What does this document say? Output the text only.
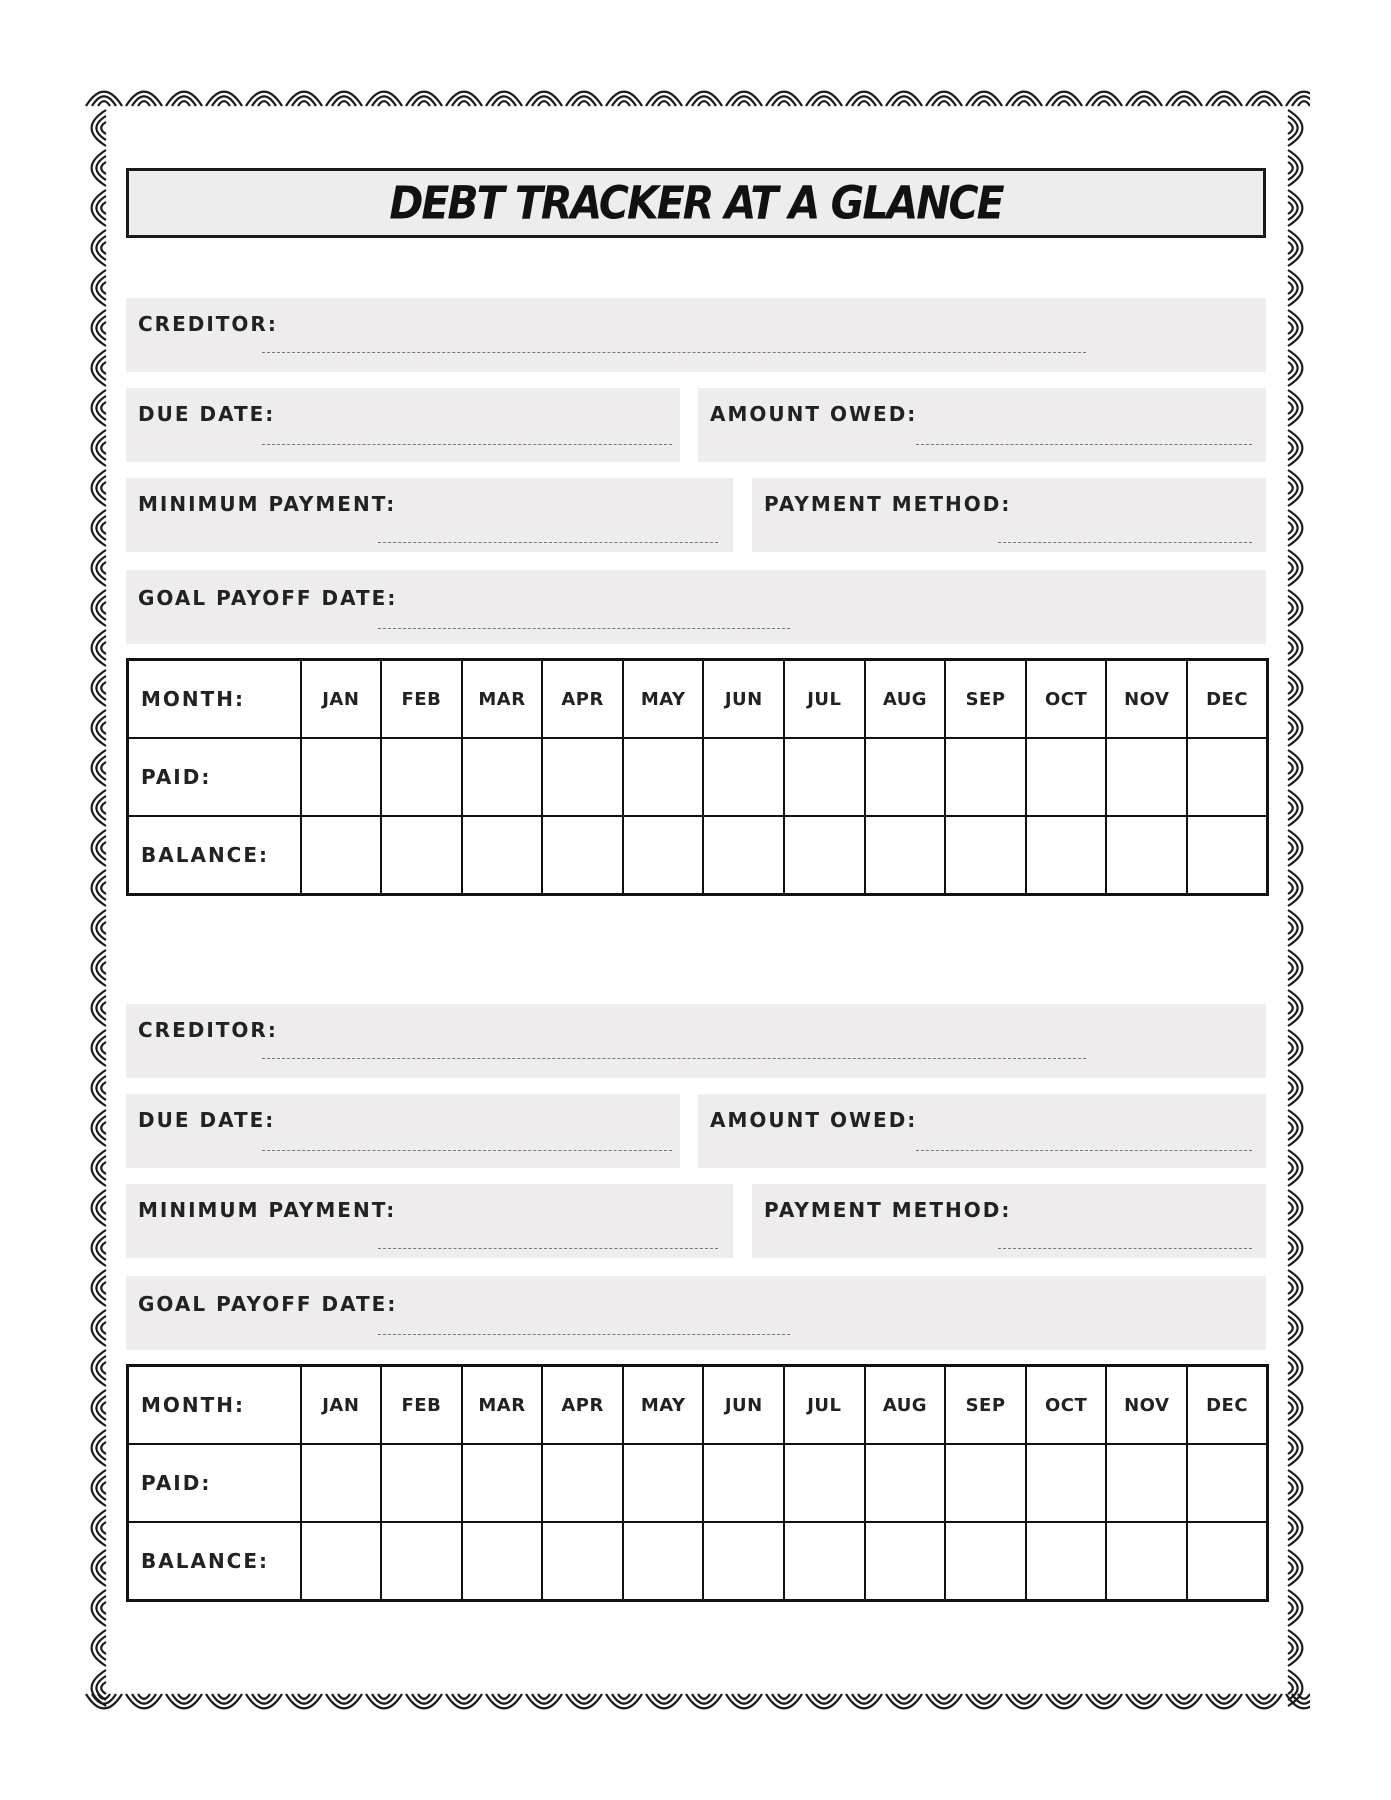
DEBT TRACKER AT A GLANCE
CREDITOR:
DUE DATE:	AMOUNT OWED:
MINIMUM PAYMENT:	PAYMENT METHOD:
GOAL PAYOFF DATE:
MONTH:	JAN	FEB	MAR	APR	MAY	JUN	JUL	AUG	SEP	OCT	NOV	DEC
PAID:												
BALANCE:												
CREDITOR:
DUE DATE:	AMOUNT OWED:
MINIMUM PAYMENT:	PAYMENT METHOD:
GOAL PAYOFF DATE:
MONTH:	JAN	FEB	MAR	APR	MAY	JUN	JUL	AUG	SEP	OCT	NOV	DEC
PAID:												
BALANCE:												
